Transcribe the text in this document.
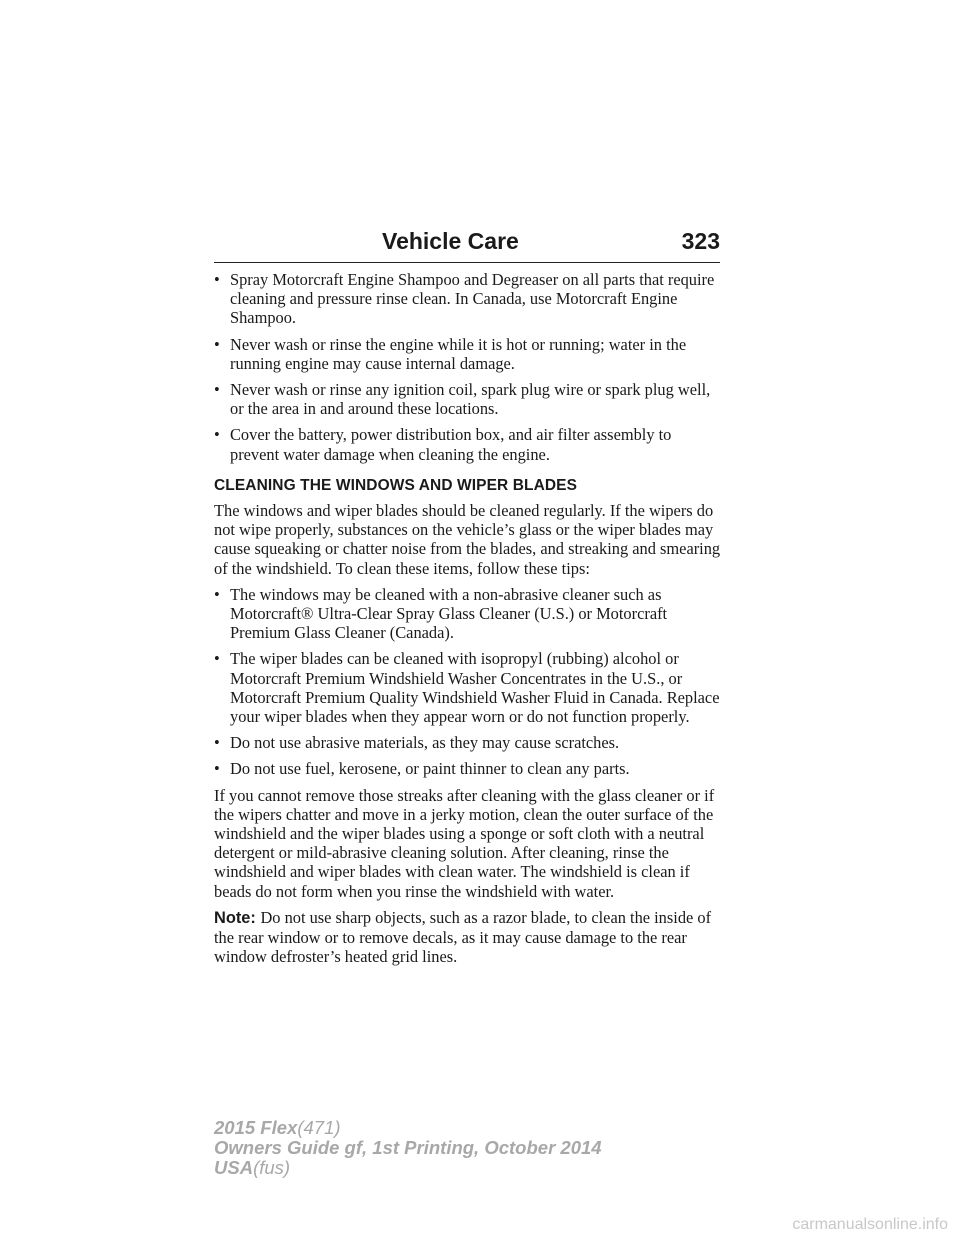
Vehicle Care	323
• Spray Motorcraft Engine Shampoo and Degreaser on all parts that require cleaning and pressure rinse clean. In Canada, use Motorcraft Engine Shampoo.
• Never wash or rinse the engine while it is hot or running; water in the running engine may cause internal damage.
• Never wash or rinse any ignition coil, spark plug wire or spark plug well, or the area in and around these locations.
• Cover the battery, power distribution box, and air filter assembly to prevent water damage when cleaning the engine.
CLEANING THE WINDOWS AND WIPER BLADES

The windows and wiper blades should be cleaned regularly. If the wipers do not wipe properly, substances on the vehicle’s glass or the wiper blades may cause squeaking or chatter noise from the blades, and streaking and smearing of the windshield. To clean these items, follow these tips:

• The windows may be cleaned with a non-abrasive cleaner such as Motorcraft® Ultra-Clear Spray Glass Cleaner (U.S.) or Motorcraft Premium Glass Cleaner (Canada).
• The wiper blades can be cleaned with isopropyl (rubbing) alcohol or Motorcraft Premium Windshield Washer Concentrates in the U.S., or Motorcraft Premium Quality Windshield Washer Fluid in Canada. Replace your wiper blades when they appear worn or do not function properly.
• Do not use abrasive materials, as they may cause scratches.
• Do not use fuel, kerosene, or paint thinner to clean any parts.

If you cannot remove those streaks after cleaning with the glass cleaner or if the wipers chatter and move in a jerky motion, clean the outer surface of the windshield and the wiper blades using a sponge or soft cloth with a neutral detergent or mild-abrasive cleaning solution. After cleaning, rinse the windshield and wiper blades with clean water. The windshield is clean if beads do not form when you rinse the windshield with water.

Note: Do not use sharp objects, such as a razor blade, to clean the inside of the rear window or to remove decals, as it may cause damage to the rear window defroster’s heated grid lines.

2015 Flex(471)
Owners Guide gf, 1st Printing, October 2014
USA(fus)
carmanualsonline.info
